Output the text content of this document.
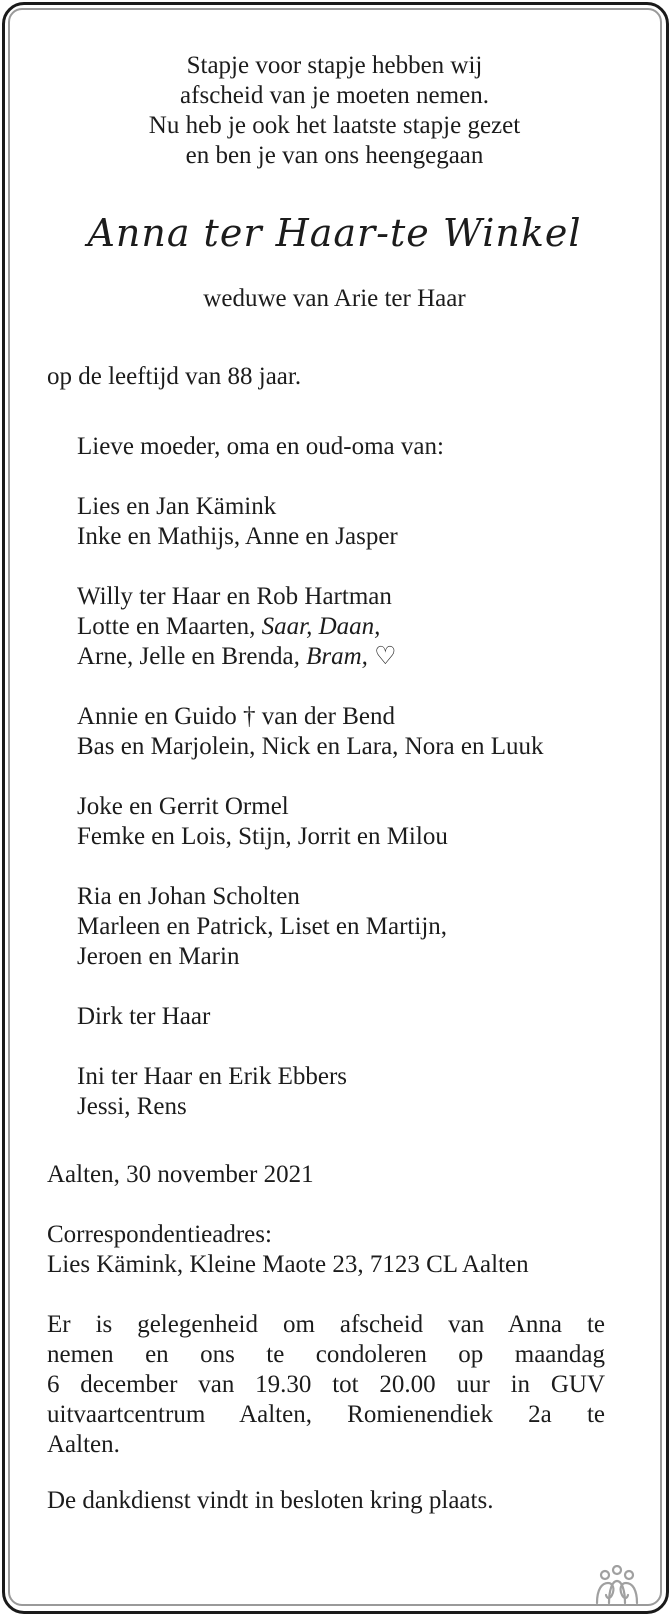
Stapje voor stapje hebben wij
afscheid van je moeten nemen.
Nu heb je ook het laatste stapje gezet
en ben je van ons heengegaan
Anna ter Haar-te Winkel
weduwe van Arie ter Haar
op de leeftijd van 88 jaar.
Lieve moeder, oma en oud-oma van:
Lies en Jan Kämink
Inke en Mathijs, Anne en Jasper
Willy ter Haar en Rob Hartman
Lotte en Maarten, Saar, Daan,
Arne, Jelle en Brenda, Bram, ♡
Annie en Guido † van der Bend
Bas en Marjolein, Nick en Lara, Nora en Luuk
Joke en Gerrit Ormel
Femke en Lois, Stijn, Jorrit en Milou
Ria en Johan Scholten
Marleen en Patrick, Liset en Martijn,
Jeroen en Marin
Dirk ter Haar
Ini ter Haar en Erik Ebbers
Jessi, Rens
Aalten, 30 november 2021
Correspondentieadres:
Lies Kämink, Kleine Maote 23, 7123 CL Aalten
Er is gelegenheid om afscheid van Anna te
nemen en ons te condoleren op maandag
6 december van 19.30 tot 20.00 uur in GUV
uitvaartcentrum Aalten, Romienendiek 2a te
Aalten.
De dankdienst vindt in besloten kring plaats.
